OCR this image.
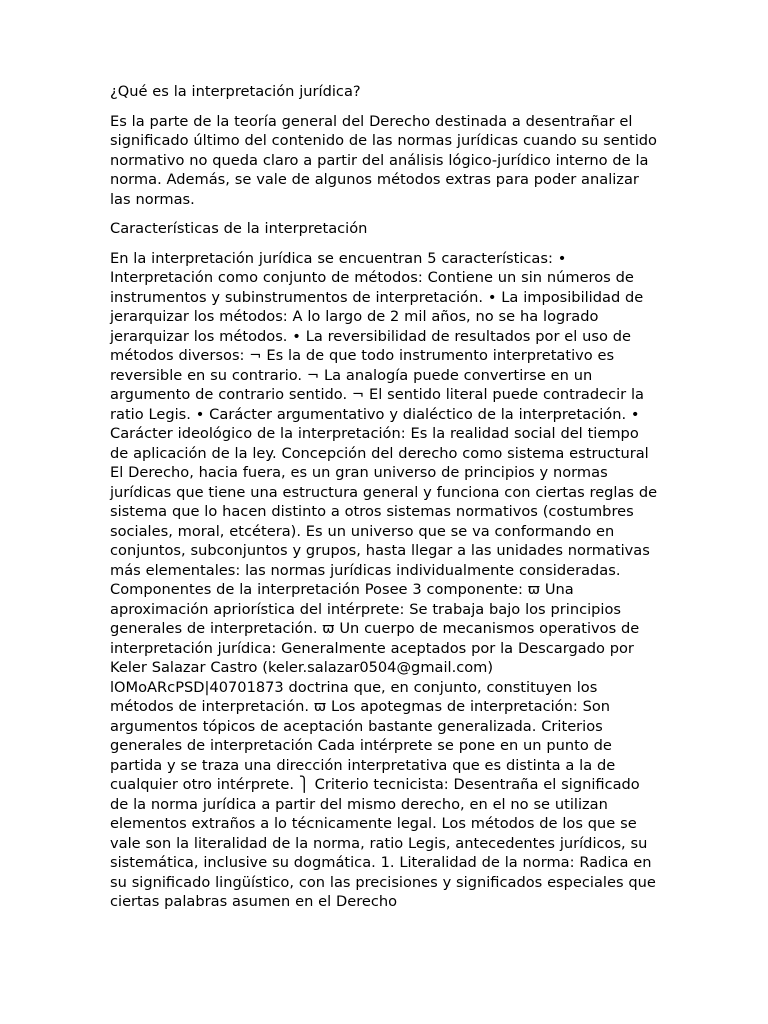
¿Qué es la interpretación jurídica?

Es la parte de la teoría general del Derecho destinada a desentrañar el significado último del contenido de las normas jurídicas cuando su sentido normativo no queda claro a partir del análisis lógico-jurídico interno de la norma. Además, se vale de algunos métodos extras para poder analizar las normas.

Características de la interpretación

En la interpretación jurídica se encuentran 5 características: • Interpretación como conjunto de métodos: Contiene un sin números de instrumentos y subinstrumentos de interpretación. • La imposibilidad de jerarquizar los métodos: A lo largo de 2 mil años, no se ha logrado jerarquizar los métodos. • La reversibilidad de resultados por el uso de métodos diversos: ¬ Es la de que todo instrumento interpretativo es reversible en su contrario. ¬ La analogía puede convertirse en un argumento de contrario sentido. ¬ El sentido literal puede contradecir la ratio Legis. • Carácter argumentativo y dialéctico de la interpretación. • Carácter ideológico de la interpretación: Es la realidad social del tiempo de aplicación de la ley. Concepción del derecho como sistema estructural El Derecho, hacia fuera, es un gran universo de principios y normas jurídicas que tiene una estructura general y funciona con ciertas reglas de sistema que lo hacen distinto a otros sistemas normativos (costumbres sociales, moral, etcétera). Es un universo que se va conformando en conjuntos, subconjuntos y grupos, hasta llegar a las unidades normativas más elementales: las normas jurídicas individualmente consideradas. Componentes de la interpretación Posee 3 componente: ϖ Una aproximación apriorística del intérprete: Se trabaja bajo los principios generales de interpretación. ϖ Un cuerpo de mecanismos operativos de interpretación jurídica: Generalmente aceptados por la Descargado por Keler Salazar Castro (keler.salazar0504@gmail.com) lOMoARcPSD|40701873 doctrina que, en conjunto, constituyen los métodos de interpretación. ϖ Los apotegmas de interpretación: Son argumentos tópicos de aceptación bastante generalizada. Criterios generales de interpretación Cada intérprete se pone en un punto de partida y se traza una dirección interpretativa que es distinta a la de cualquier otro intérprete. ⎫ Criterio tecnicista: Desentraña el significado de la norma jurídica a partir del mismo derecho, en el no se utilizan elementos extraños a lo técnicamente legal. Los métodos de los que se vale son la literalidad de la norma, ratio Legis, antecedentes jurídicos, su sistemática, inclusive su dogmática. 1. Literalidad de la norma: Radica en su significado lingüístico, con las precisiones y significados especiales que ciertas palabras asumen en el Derecho
